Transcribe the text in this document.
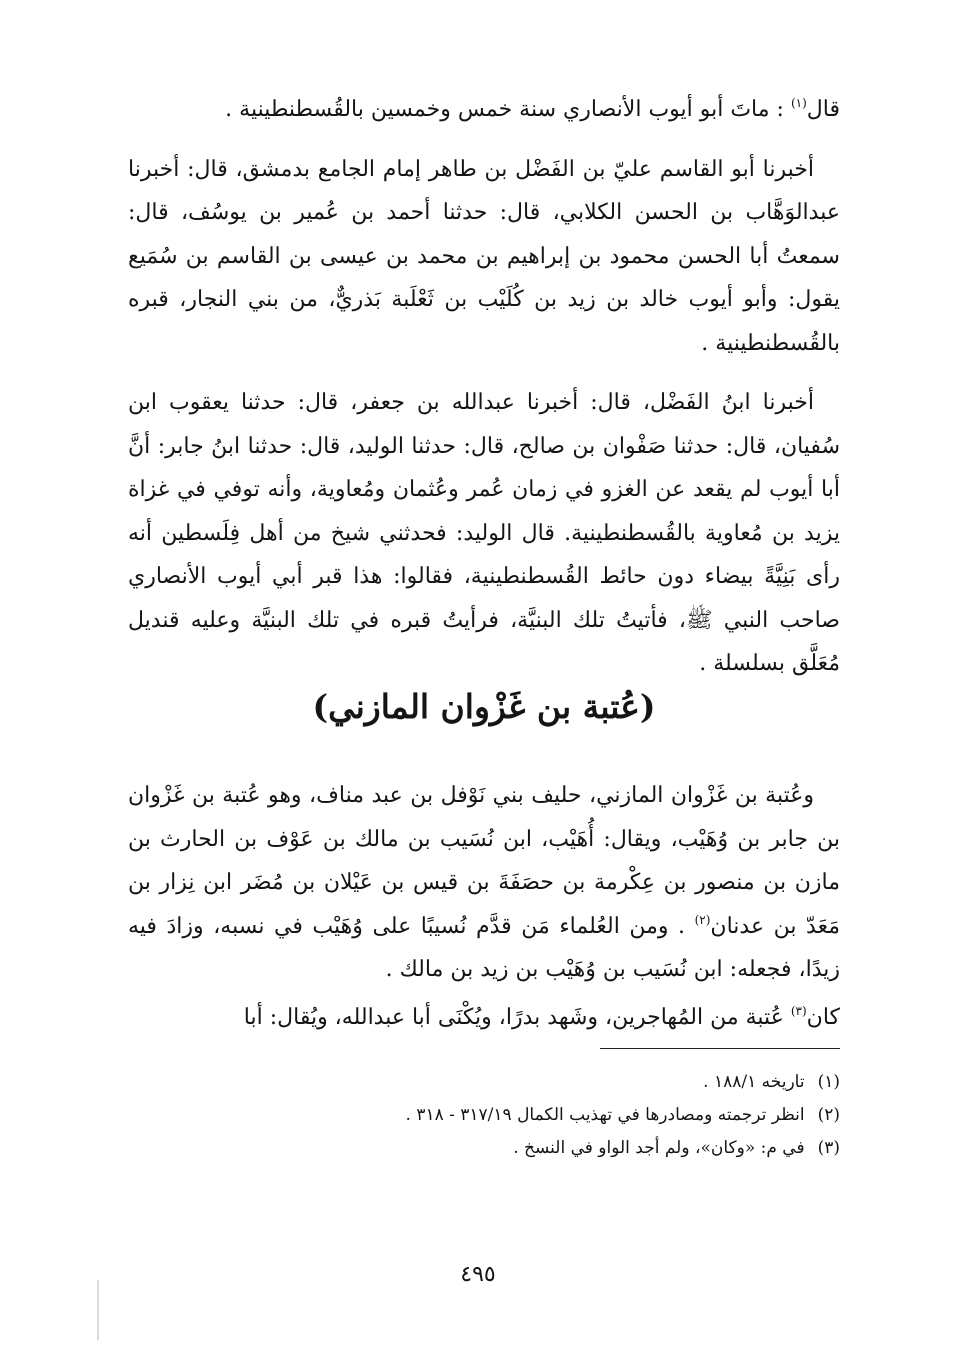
قال$^{(١)}$ : ماتَ أبو أيوب الأنصاري سنة خمس وخمسين بالقُسطنطينية .

أخبرنا أبو القاسم عليّ بن الفَضْل بن طاهر إمام الجامع بدمشق، قال: أخبرنا عبدالوَهَّاب بن الحسن الكلابي، قال: حدثنا أحمد بن عُمير بن يوسُف، قال: سمعتُ أبا الحسن محمود بن إبراهيم بن محمد بن عيسى بن القاسم بن سُمَيع يقول: وأبو أيوب خالد بن زيد بن كُلَيْب بن ثَعْلَبة بَذريٌّ، من بني النجار، قبره بالقُسطنطينية .

أخبرنا ابنُ الفَضْل، قال: أخبرنا عبدالله بن جعفر، قال: حدثنا يعقوب ابن سُفيان، قال: حدثنا صَفْوان بن صالح، قال: حدثنا الوليد، قال: حدثنا ابنُ جابر: أنَّ أبا أيوب لم يقعد عن الغزو في زمان عُمر وعُثمان ومُعاوية، وأنه توفي في غزاة يزيد بن مُعاوية بالقُسطنطينية. قال الوليد: فحدثني شيخ من أهل فِلَسطين أنه رأى بَنِيَّةً بيضاء دون حائط القُسطنطينية، فقالوا: هذا قبر أبي أيوب الأنصاري صاحب النبي ﷺ، فأتيتُ تلك البنيَّة، فرأيتُ قبره في تلك البنيَّة وعليه قنديل مُعَلَّق بسلسلة .

(عُتبة بن غَزْوان المازني)

وعُتبة بن غَزْوان المازني، حليف بني نَوْفل بن عبد مناف، وهو عُتبة بن غَزْوان بن جابر بن وُهَيْب، ويقال: أُهَيْب، ابن نُسَيب بن مالك بن عَوْف بن الحارث بن مازن بن منصور بن عِكْرمة بن حصَفَةَ بن قيس بن عَيْلان بن مُضَر ابن نِزار بن مَعَدّ بن عدنان$^{(٢)}$ . ومن العُلماء مَن قدَّم نُسيبًا على وُهَيْب في نسبه، وزادَ فيه زيدًا، فجعله: ابن نُسَيب بن وُهَيْب بن زيد بن مالك .

كان$^{(٣)}$ عُتبة من المُهاجرين، وشَهد بدرًا، ويُكْنَى أبا عبدالله، ويُقال: أبا

(١) تاريخه ١٨٨/١ .

(٢) انظر ترجمته ومصادرها في تهذيب الكمال ٣١٧/١٩ - ٣١٨ .

(٣) في م: «وكان»، ولم أجد الواو في النسخ .

٤٩٥
